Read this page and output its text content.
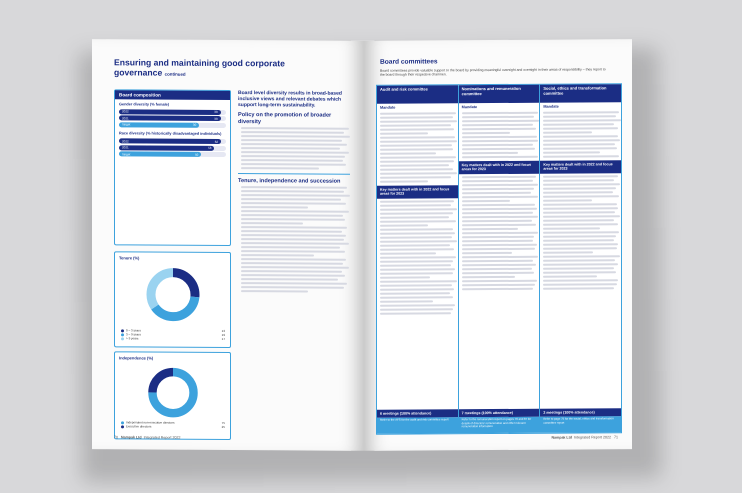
Ensuring and maintaining good corporate governance continued
Board composition
Gender diversity (% female)
38
2022
38
2021
30
Target
Race diversity (% historically disadvantaged individuals)
62
2022
58
2021
50
Target
Tenure (%)
0 – 3 years	13
3 – 9 years	19
> 9 years	17
Independence (%)
Independent non-executive directors	75
Executive directors	25
Board level diversity results in broad-based inclusive views and relevant debates which support long-term sustainability.
Policy on the promotion of broader diversity
Tenure, independence and succession
70 Nampak Ltd Integrated Report 2022
Board committees
Board committees provide valuable support to the board by providing meaningful oversight and oversight in their areas of responsibility – they report to the board through their respective chairmen.
Audit and risk committee
Mandate
Key matters dealt with in 2022 and focus areas for 2023
6 meetings (100% attendance)
Refer to the AFS for the audit and risk committee report
Nominations and remuneration committee
Mandate
Key matters dealt with in 2022 and focus areas for 2023
7 meetings (100% attendance)
Refer to the remuneration report on pages 76 and 87 for details of directors' remuneration and other relevant remuneration information
Social, ethics and transformation committee
Mandate
Key matters dealt with in 2022 and focus areas for 2023
2 meetings (100% attendance)
Refer to page 75 for the social, ethics and transformation committee report
Nampak Ltd Integrated Report 2022 71
